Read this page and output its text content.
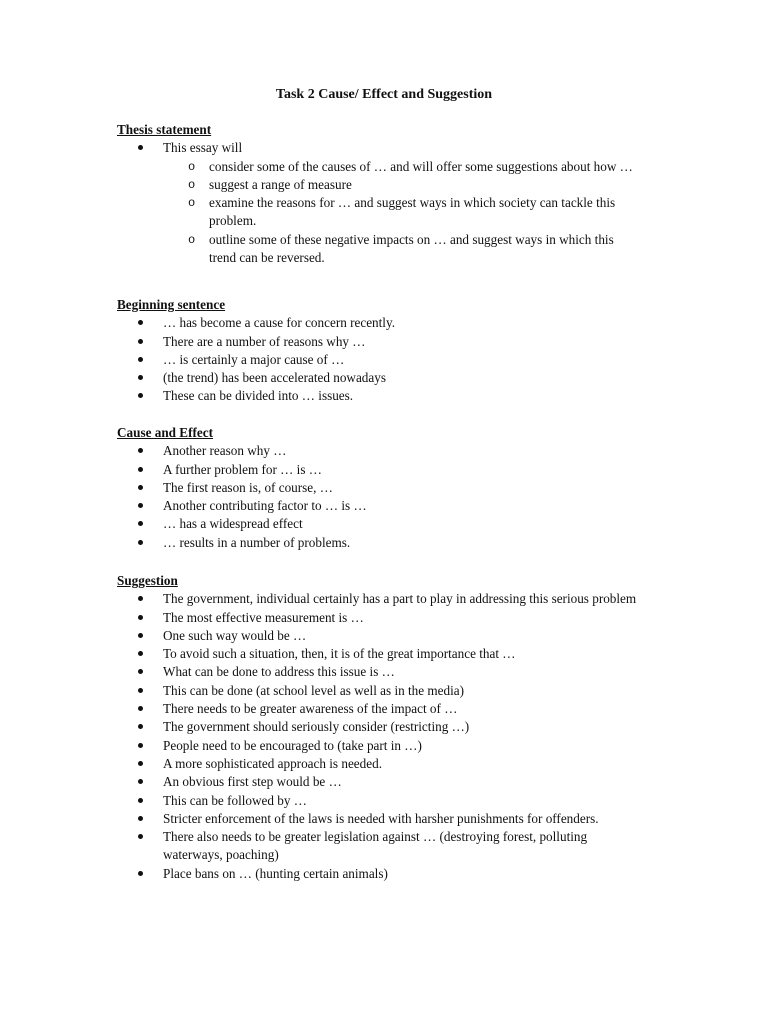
Task 2 Cause/ Effect and Suggestion
Thesis statement
This essay will
o consider some of the causes of … and will offer some suggestions about how …
o suggest a range of measure
o examine the reasons for … and suggest ways in which society can tackle this problem.
o outline some of these negative impacts on … and suggest ways in which this trend can be reversed.
Beginning sentence
… has become a cause for concern recently.
There are a number of reasons why …
… is certainly a major cause of …
(the trend) has been accelerated nowadays
These can be divided into … issues.
Cause and Effect
Another reason why …
A further problem for … is …
The first reason is, of course, …
Another contributing factor to … is …
… has a widespread effect
… results in a number of problems.
Suggestion
The government, individual certainly has a part to play in addressing this serious problem
The most effective measurement is …
One such way would be …
To avoid such a situation, then, it is of the great importance that …
What can be done to address this issue is …
This can be done (at school level as well as in the media)
There needs to be greater awareness of the impact of …
The government should seriously consider (restricting …)
People need to be encouraged to (take part in …)
A more sophisticated approach is needed.
An obvious first step would be …
This can be followed by …
Stricter enforcement of the laws is needed with harsher punishments for offenders.
There also needs to be greater legislation against … (destroying forest, polluting waterways, poaching)
Place bans on … (hunting certain animals)
